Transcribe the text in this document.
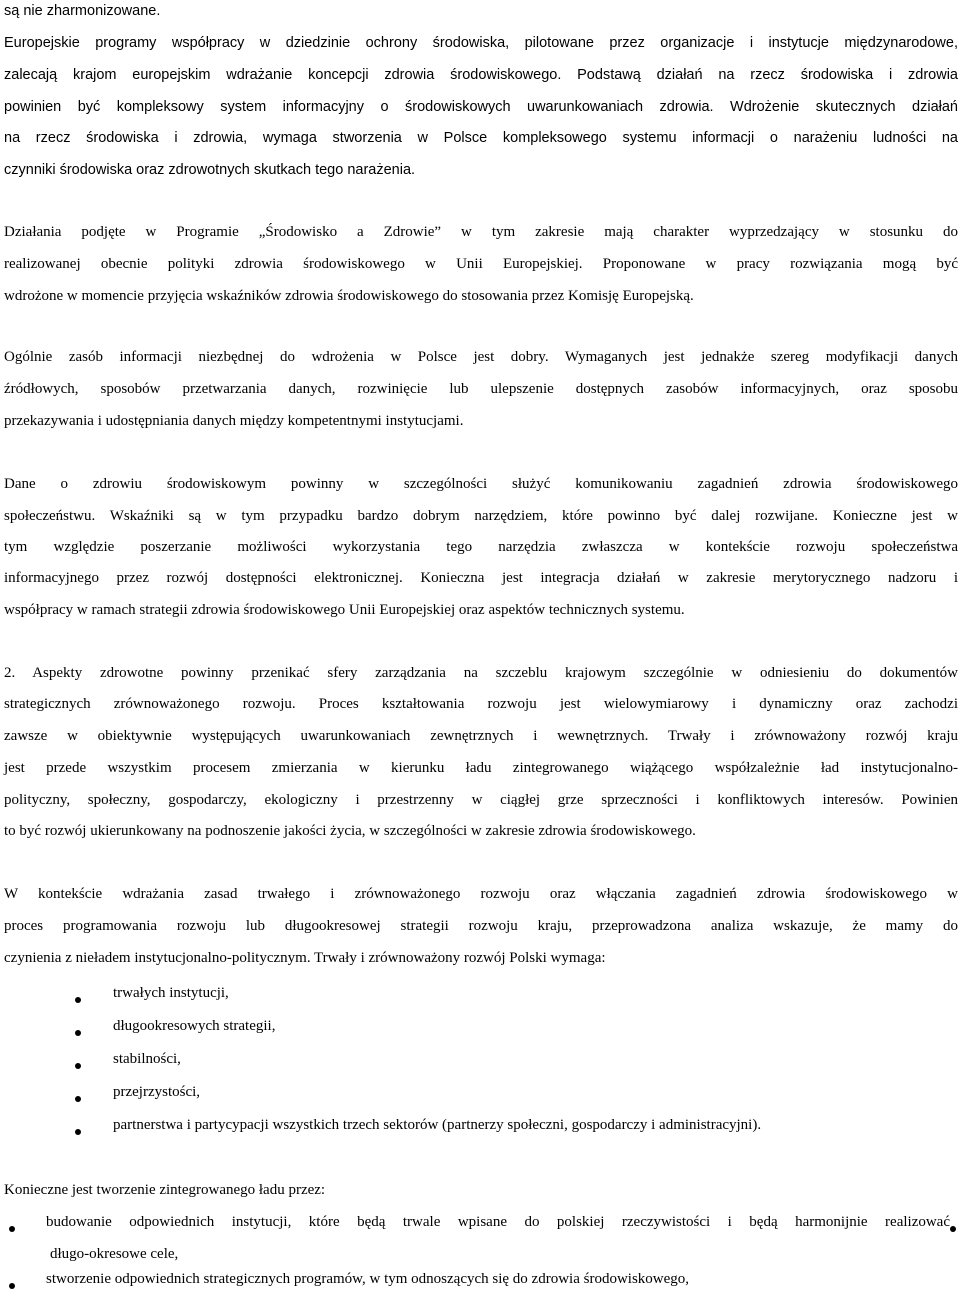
są nie zharmonizowane.
Europejskie programy współpracy w dziedzinie ochrony środowiska, pilotowane przez organizacje i instytucje międzynarodowe,
zalecają krajom europejskim wdrażanie koncepcji zdrowia środowiskowego. Podstawą działań na rzecz środowiska i zdrowia
powinien być kompleksowy system informacyjny o środowiskowych uwarunkowaniach zdrowia. Wdrożenie skutecznych działań
na rzecz środowiska i zdrowia, wymaga stworzenia w Polsce kompleksowego systemu informacji o narażeniu ludności na
czynniki środowiska oraz zdrowotnych skutkach tego narażenia.
Działania podjęte w Programie „Środowisko a Zdrowie” w tym zakresie mają charakter wyprzedzający w stosunku do
realizowanej obecnie polityki zdrowia środowiskowego w Unii Europejskiej. Proponowane w pracy rozwiązania mogą być
wdrożone w momencie przyjęcia wskaźników zdrowia środowiskowego do stosowania przez Komisję Europejską.
Ogólnie zasób informacji niezbędnej do wdrożenia w Polsce jest dobry. Wymaganych jest jednakże szereg modyfikacji danych
źródłowych, sposobów przetwarzania danych, rozwinięcie lub ulepszenie dostępnych zasobów informacyjnych, oraz sposobu
przekazywania i udostępniania danych między kompetentnymi instytucjami.
Dane o zdrowiu środowiskowym powinny w szczególności służyć komunikowaniu zagadnień zdrowia środowiskowego
społeczeństwu. Wskaźniki są w tym przypadku bardzo dobrym narzędziem, które powinno być dalej rozwijane. Konieczne jest w
tym względzie poszerzanie możliwości wykorzystania tego narzędzia zwłaszcza w kontekście rozwoju społeczeństwa
informacyjnego przez rozwój dostępności elektronicznej. Konieczna jest integracja działań w zakresie merytorycznego nadzoru i
współpracy w ramach strategii zdrowia środowiskowego Unii Europejskiej oraz aspektów technicznych systemu.
2. Aspekty zdrowotne powinny przenikać sfery zarządzania na szczeblu krajowym szczególnie w odniesieniu do dokumentów
strategicznych zrównoważonego rozwoju. Proces kształtowania rozwoju jest wielowymiarowy i dynamiczny oraz zachodzi
zawsze w obiektywnie występujących uwarunkowaniach zewnętrznych i wewnętrznych. Trwały i zrównoważony rozwój kraju
jest przede wszystkim procesem zmierzania w kierunku ładu zintegrowanego wiążącego współzależnie ład instytucjonalno-
polityczny, społeczny, gospodarczy, ekologiczny i przestrzenny w ciągłej grze sprzeczności i konfliktowych interesów. Powinien
to być rozwój ukierunkowany na podnoszenie jakości życia, w szczególności w zakresie zdrowia środowiskowego.
W kontekście wdrażania zasad trwałego i zrównoważonego rozwoju oraz włączania zagadnień zdrowia środowiskowego w
proces programowania rozwoju lub długookresowej strategii rozwoju kraju, przeprowadzona analiza wskazuje, że mamy do
czynienia z nieładem instytucjonalno-politycznym. Trwały i zrównoważony rozwój Polski wymaga:
trwałych instytucji,
długookresowych strategii,
stabilności,
przejrzystości,
partnerstwa i partycypacji wszystkich trzech sektorów (partnerzy społeczni, gospodarczy i administracyjni).
Konieczne jest tworzenie zintegrowanego ładu przez:
budowanie odpowiednich instytucji, które będą trwale wpisane do polskiej rzeczywistości i będą harmonijnie realizować
długo-okresowe cele,
stworzenie odpowiednich strategicznych programów, w tym odnoszących się do zdrowia środowiskowego,
